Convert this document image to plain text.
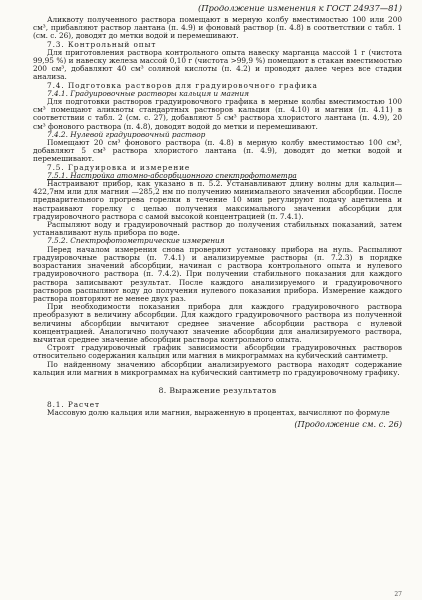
(Продолжение изменения к ГОСТ 24937—81)

Аликвоту полученного раствора помещают в мерную колбу вместимостью 100 или 200 см³, прибавляют раствор лантана (п. 4.9) и фоновый раствор (п. 4.8) в соответствии с табл. 1 (см. с. 26), доводят до метки водой и перемешивают.

7.3. Контрольный опыт

Для приготовления раствора контрольного опыта навеску марганца массой 1 г (чистота 99,95 %) и навеску железа массой 0,10 г (чистота >99,9 %) помещают в стакан вместимостью 200 см³, добавляют 40 см³ соляной кислоты (п. 4.2) и проводят далее через все стадии анализа.

7.4. Подготовка растворов для градуировочного графика

7.4.1. Градуировочные растворы кальция и магния

Для подготовки растворов градуировочного графика в мерные колбы вместимостью 100 см³ помещают аликвоты стандартных растворов кальция (п. 4.10) и магния (п. 4.11) в соответствии с табл. 2 (см. с. 27), добавляют 5 см³ раствора хлористого лантана (п. 4.9), 20 см³ фонового раствора (п. 4.8), доводят водой до метки и перемешивают.

7.4.2. Нулевой градуировочный раствор

Помещают 20 см³ фонового раствора (п. 4.8) в мерную колбу вместимостью 100 см³, добавляют 5 см³ раствора хлористого лантана (п. 4.9), доводят до метки водой и перемешивают.

7.5. Градуировка и измерение

7.5.1. Настройка атомно-абсорбционного спектрофотометра

Настраивают прибор, как указано в п. 5.2. Устанавливают длину волны для кальция—422,7нм или для магния —285,2 нм по получению минимального значения абсорбции. После предварительного прогрева горелки в течение 10 мин регулируют подачу ацетилена и настраивают горелку с целью получения максимального значения абсорбции для градуировочного раствора с самой высокой концентрацией (п. 7.4.1).

Распыляют воду и градуировочный раствор до получения стабильных показаний, затем устанавливают нуль прибора по воде.

7.5.2. Спектрофотометрические измерения

Перед началом измерения снова проверяют установку прибора на нуль. Распыляют градуировочные растворы (п. 7.4.1) и анализируемые растворы (п. 7.2.3) в порядке возрастания значений абсорбции, начиная с раствора контрольного опыта и нулевого градуировочного раствора (п. 7.4.2). При получении стабильного показания для каждого раствора записывают результат. После каждого анализируемого и градуировочного растворов распыляют воду до получения нулевого показания прибора. Измерение каждого раствора повторяют не менее двух раз.

При необходимости показания прибора для каждого градуировочного раствора преобразуют в величину абсорбции. Для каждого градуировочного раствора из полученной величины абсорбции вычитают среднее значение абсорбции раствора с нулевой концентрацией. Аналогично получают значение абсорбции для анализируемого раствора, вычитая среднее значение абсорбции раствора контрольного опыта.

Строят градуировочный график зависимости абсорбции градуировочных растворов относительно содержания кальция или магния в микрограммах на кубический сантиметр.

По найденному значению абсорбции анализируемого раствора находят содержание кальция или магния в микрограммах на кубический сантиметр по градуировочному графику.

8. Выражение результатов

8.1. Расчет

Массовую долю кальция или магния, выраженную в процентах, вычисляют по формуле

(Продолжение см. с. 26)
27
